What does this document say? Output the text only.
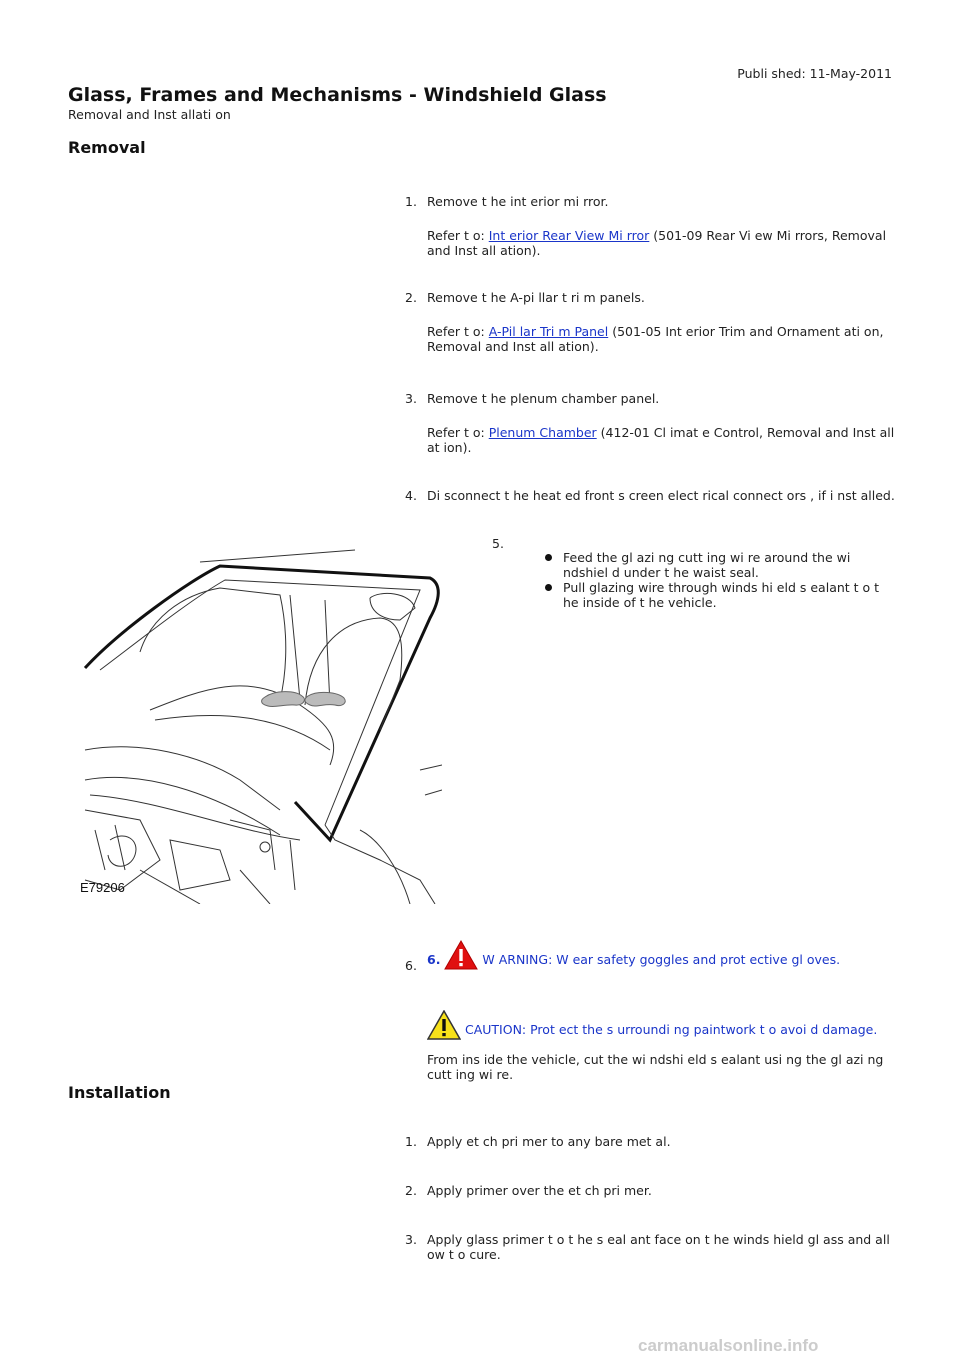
Publi shed: 11-May-2011
Glass, Frames and Mechanisms - Windshield Glass
Removal and Inst allati on
Removal
1. Remove t he int erior mi rror.
Refer t o: Int erior Rear View Mi rror (501-09 Rear Vi ew Mi rrors, Removal and Inst all ation).
2. Remove t he A-pi llar t ri m panels.
Refer t o: A-Pil lar Tri m Panel (501-05 Int erior Trim and Ornament ati on, Removal and Inst all ation).
3. Remove t he plenum chamber panel.
Refer t o: Plenum Chamber (412-01 Cl imat e Control, Removal and Inst all at ion).
4. Di sconnect t he heat ed front s creen elect rical connect ors , if i nst alled.
5.
Feed the gl azi ng cutt ing wi re around the wi ndshiel d under t he waist seal.
Pull glazing wire through winds hi eld s ealant t o t he inside of t he vehicle.
E79206
6. 6.	W ARNING: W ear safety goggles and prot ective gl oves.
CAUTION: Prot ect the s urroundi ng paintwork t o avoi d damage.
From ins ide the vehicle, cut the wi ndshi eld s ealant usi ng the gl azi ng cutt ing wi re.
Installation
1. Apply et ch pri mer to any bare met al.
2. Apply primer over the et ch pri mer.
3. Apply glass primer t o t he s eal ant face on t he winds hield gl ass and all ow t o cure.
carmanualsonline.info
